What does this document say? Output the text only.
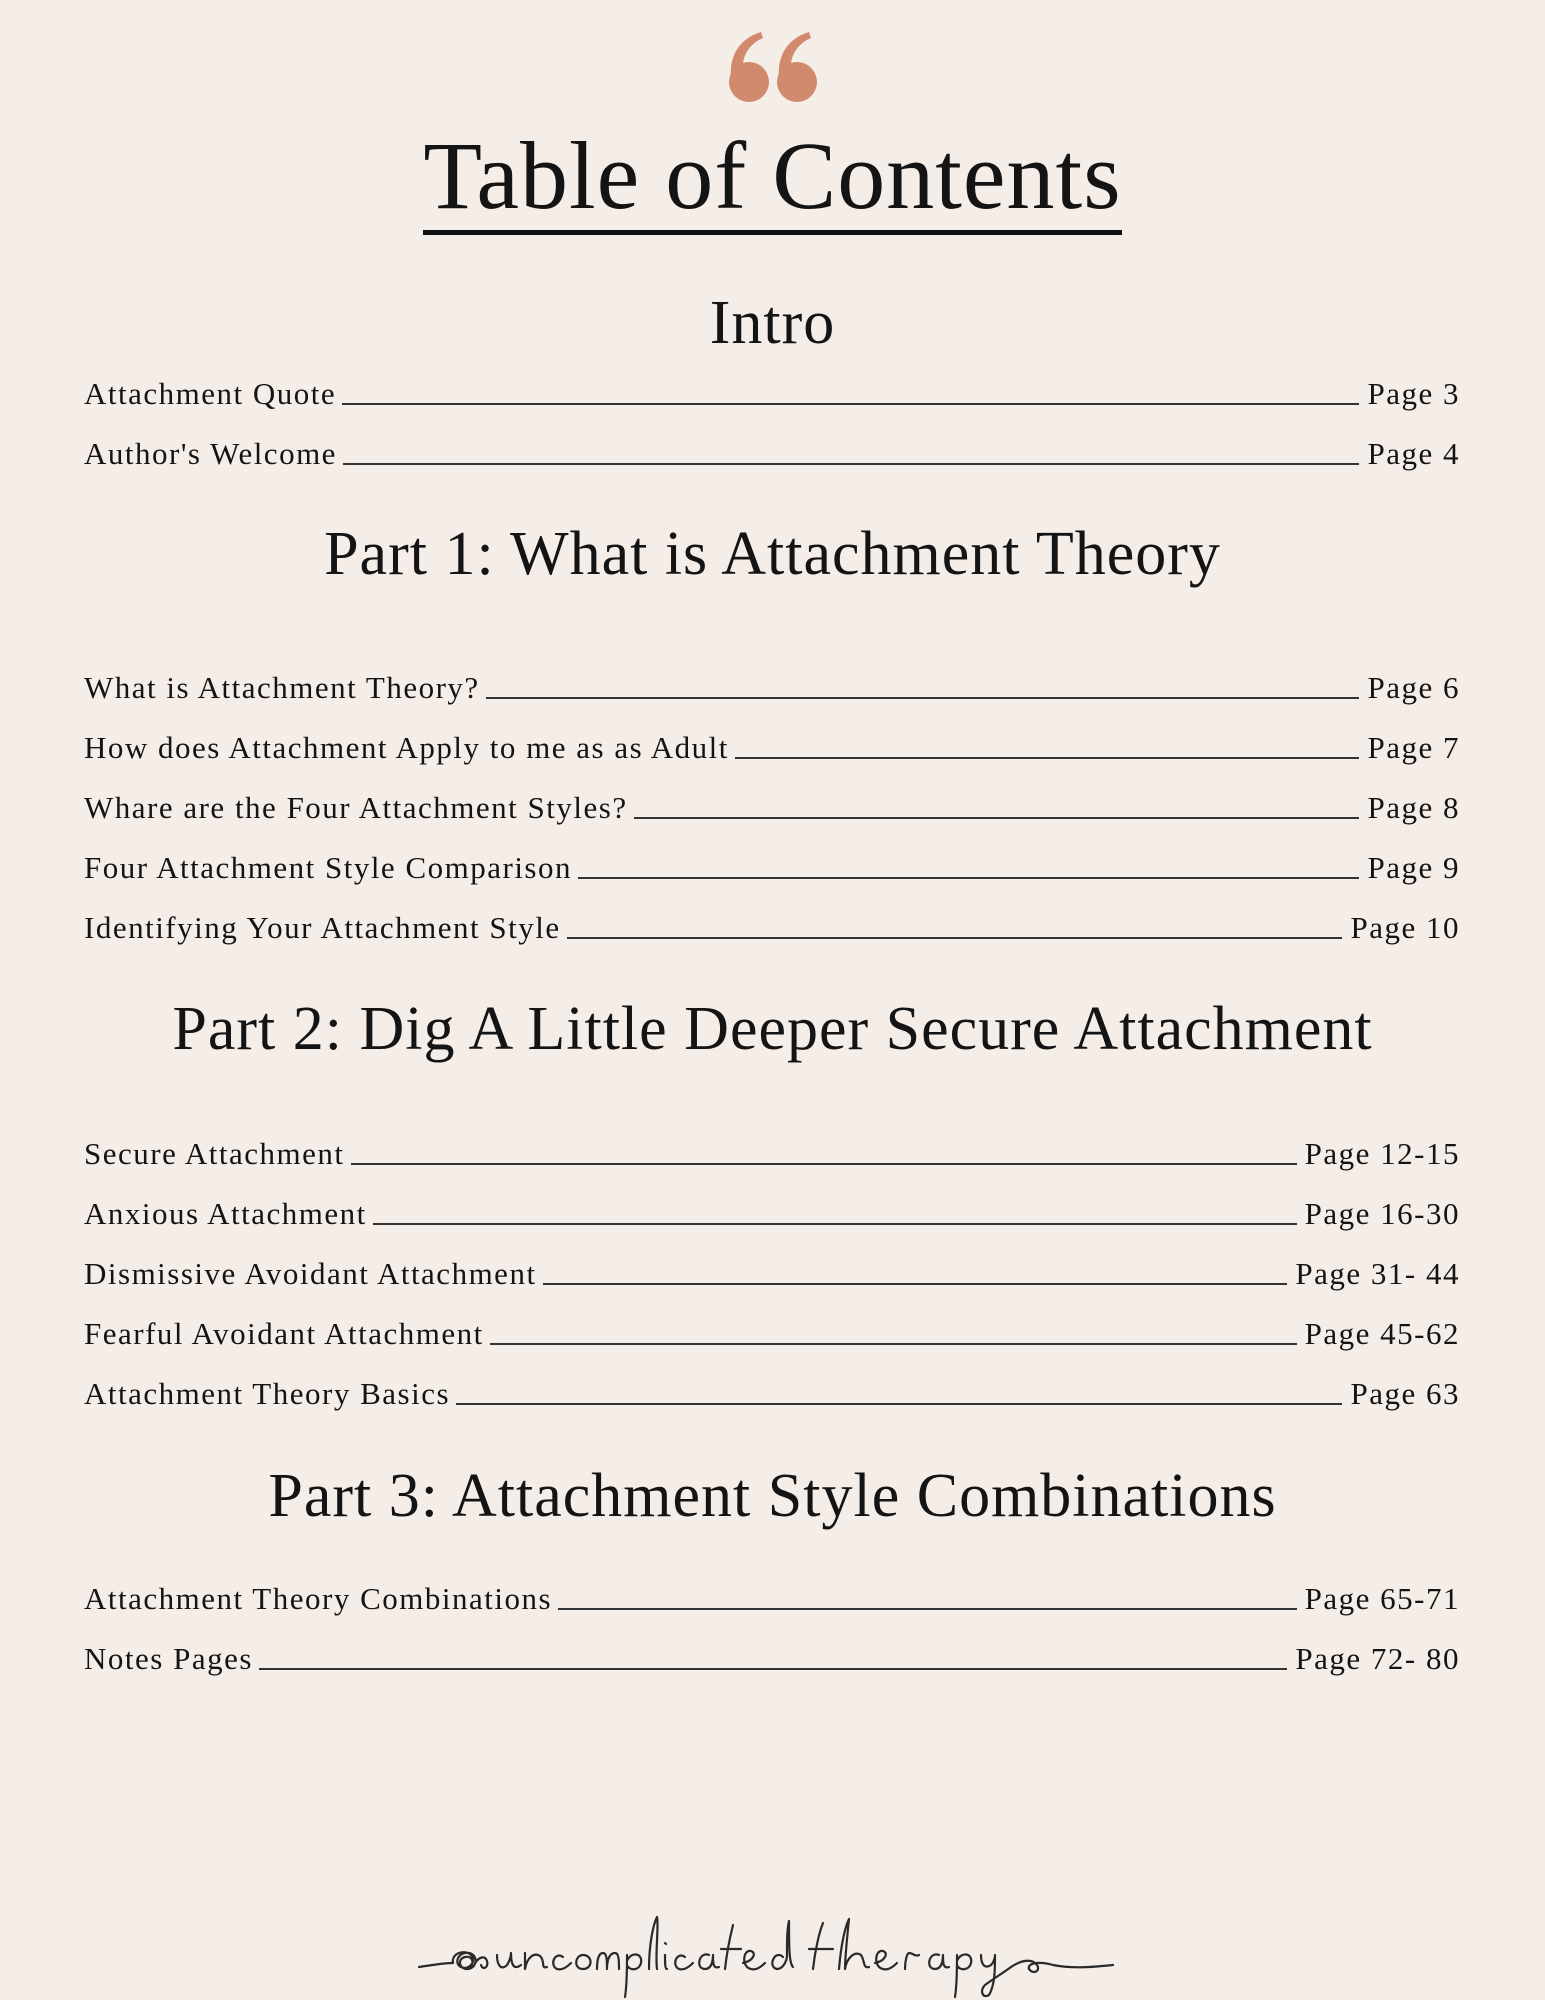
Table of Contents
Intro
Attachment Quote	Page 3
Author's Welcome	Page 4
Part 1: What is Attachment Theory
What is Attachment Theory?	Page 6
How does Attachment Apply to me as as Adult	Page 7
Whare are the Four Attachment Styles?	Page 8
Four Attachment Style Comparison	Page 9
Identifying Your Attachment Style	Page 10
Part 2: Dig A Little Deeper Secure Attachment
Secure Attachment	Page 12-15
Anxious Attachment	Page 16-30
Dismissive Avoidant Attachment	Page 31- 44
Fearful Avoidant Attachment	Page 45-62
Attachment Theory Basics	Page 63
Part 3: Attachment Style Combinations
Attachment Theory Combinations	Page 65-71
Notes Pages	Page 72- 80
